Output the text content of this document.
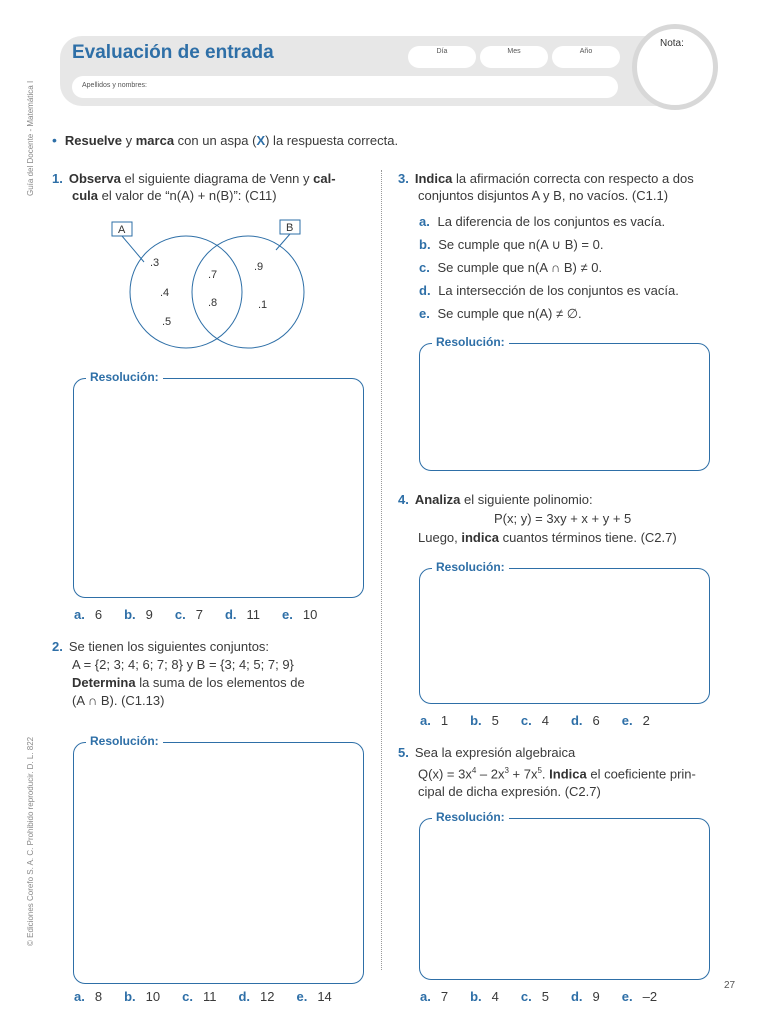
Guía del Docente - Matemática I
© Ediciones Corefo S. A. C. Prohibido reproducir. D. L. 822
Evaluación de entrada	Día	Mes	Año
Apellidos y nombres:
Nota:
• Resuelve y marca con un aspa (X) la respuesta correcta.
1. Observa el siguiente diagrama de Venn y cal-
cula el valor de “n(A) + n(B)”: (C11)
A	B
.3
.4
.5
.7
.8
.9
.1
Resolución:
a. 6 b. 9 c. 7 d. 11 e. 10
2. Se tienen los siguientes conjuntos:
A = {2; 3; 4; 6; 7; 8} y B = {3; 4; 5; 7; 9}
Determina la suma de los elementos de
(A ∩ B). (C1.13)
Resolución:
a. 8 b. 10 c. 11 d. 12 e. 14
3. Indica la afirmación correcta con respecto a dos
conjuntos disjuntos A y B, no vacíos. (C1.1)
a. La diferencia de los conjuntos es vacía.
b. Se cumple que n(A ∪ B) = 0.
c. Se cumple que n(A ∩ B) ≠ 0.
d. La intersección de los conjuntos es vacía.
e. Se cumple que n(A) ≠ ∅.
Resolución:
4. Analiza el siguiente polinomio:
P(x; y) = 3xy + x + y + 5
Luego, indica cuantos términos tiene. (C2.7)
Resolución:
a. 1 b. 5 c. 4 d. 6 e. 2
5. Sea la expresión algebraica
$Q(x) = 3x^4 - 2x^3 + 7x^5$. Indica el coeficiente prin-
cipal de dicha expresión. (C2.7)
Resolución:
a. 7 b. 4 c. 5 d. 9 e. –2
27
